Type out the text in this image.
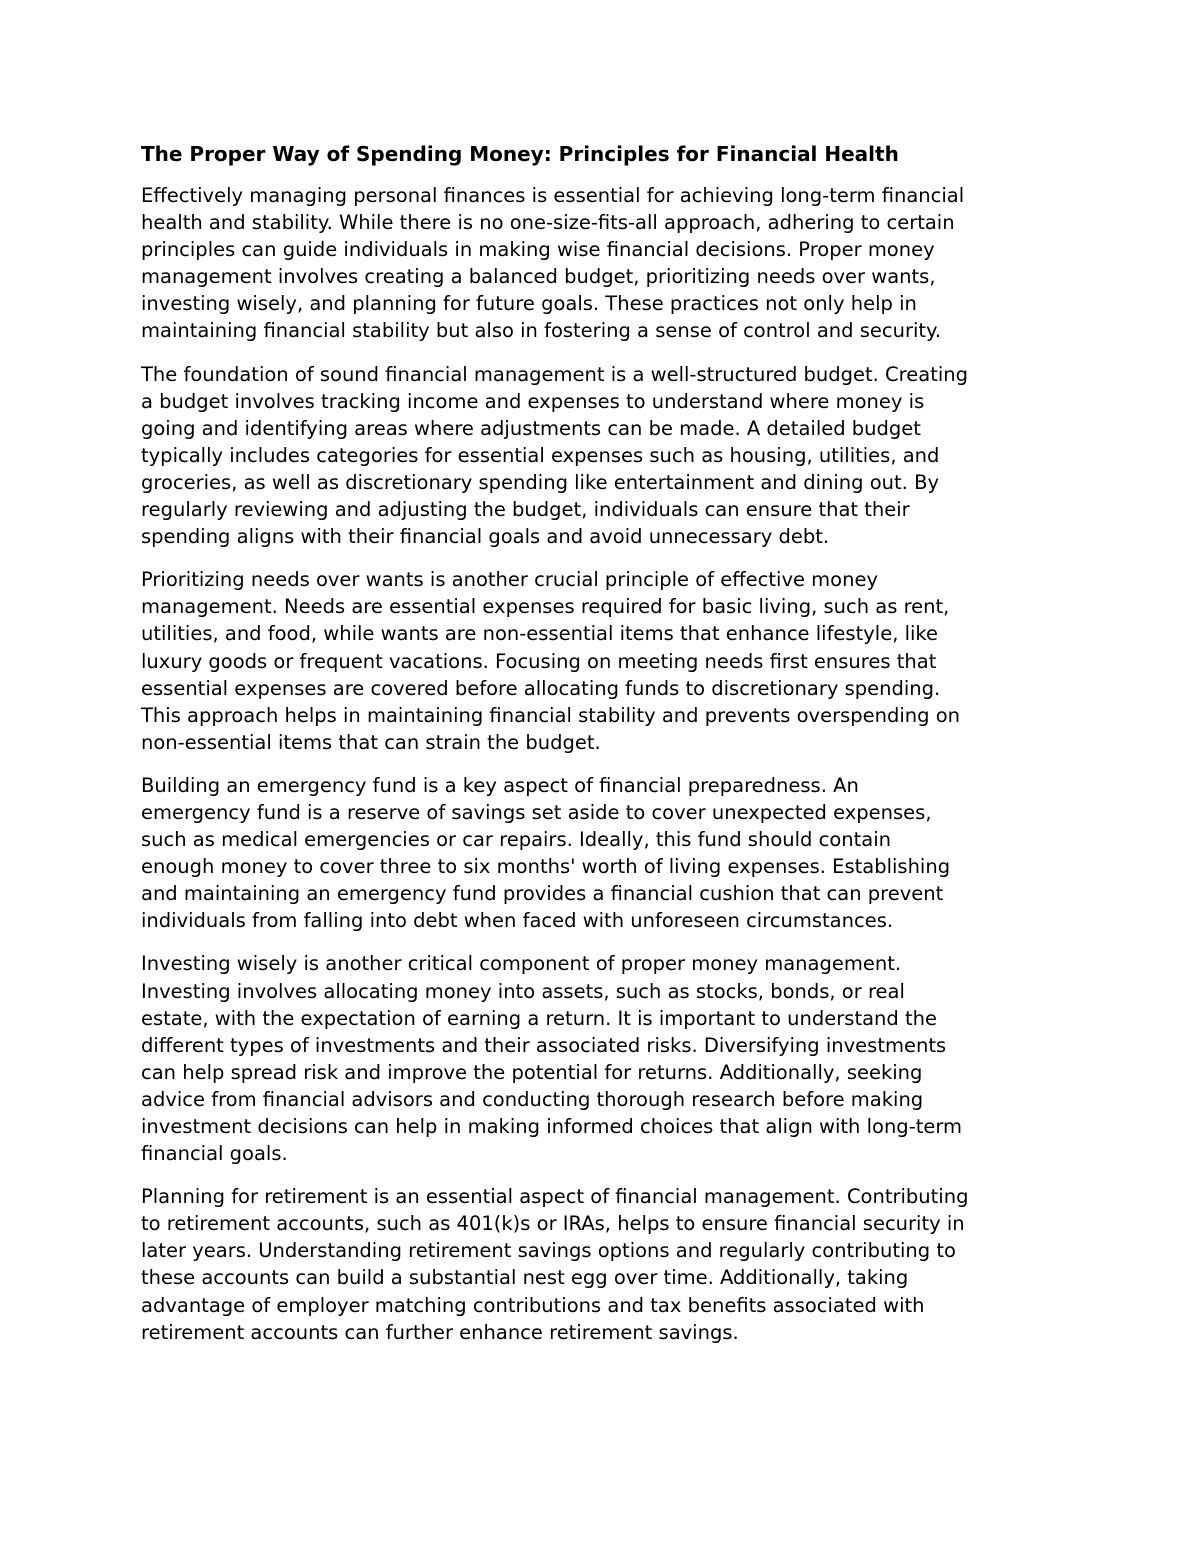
The Proper Way of Spending Money: Principles for Financial Health

Effectively managing personal finances is essential for achieving long-term financial
health and stability. While there is no one-size-fits-all approach, adhering to certain
principles can guide individuals in making wise financial decisions. Proper money
management involves creating a balanced budget, prioritizing needs over wants,
investing wisely, and planning for future goals. These practices not only help in
maintaining financial stability but also in fostering a sense of control and security.

The foundation of sound financial management is a well-structured budget. Creating
a budget involves tracking income and expenses to understand where money is
going and identifying areas where adjustments can be made. A detailed budget
typically includes categories for essential expenses such as housing, utilities, and
groceries, as well as discretionary spending like entertainment and dining out. By
regularly reviewing and adjusting the budget, individuals can ensure that their
spending aligns with their financial goals and avoid unnecessary debt.

Prioritizing needs over wants is another crucial principle of effective money
management. Needs are essential expenses required for basic living, such as rent,
utilities, and food, while wants are non-essential items that enhance lifestyle, like
luxury goods or frequent vacations. Focusing on meeting needs first ensures that
essential expenses are covered before allocating funds to discretionary spending.
This approach helps in maintaining financial stability and prevents overspending on
non-essential items that can strain the budget.

Building an emergency fund is a key aspect of financial preparedness. An
emergency fund is a reserve of savings set aside to cover unexpected expenses,
such as medical emergencies or car repairs. Ideally, this fund should contain
enough money to cover three to six months' worth of living expenses. Establishing
and maintaining an emergency fund provides a financial cushion that can prevent
individuals from falling into debt when faced with unforeseen circumstances.

Investing wisely is another critical component of proper money management.
Investing involves allocating money into assets, such as stocks, bonds, or real
estate, with the expectation of earning a return. It is important to understand the
different types of investments and their associated risks. Diversifying investments
can help spread risk and improve the potential for returns. Additionally, seeking
advice from financial advisors and conducting thorough research before making
investment decisions can help in making informed choices that align with long-term
financial goals.

Planning for retirement is an essential aspect of financial management. Contributing
to retirement accounts, such as 401(k)s or IRAs, helps to ensure financial security in
later years. Understanding retirement savings options and regularly contributing to
these accounts can build a substantial nest egg over time. Additionally, taking
advantage of employer matching contributions and tax benefits associated with
retirement accounts can further enhance retirement savings.
